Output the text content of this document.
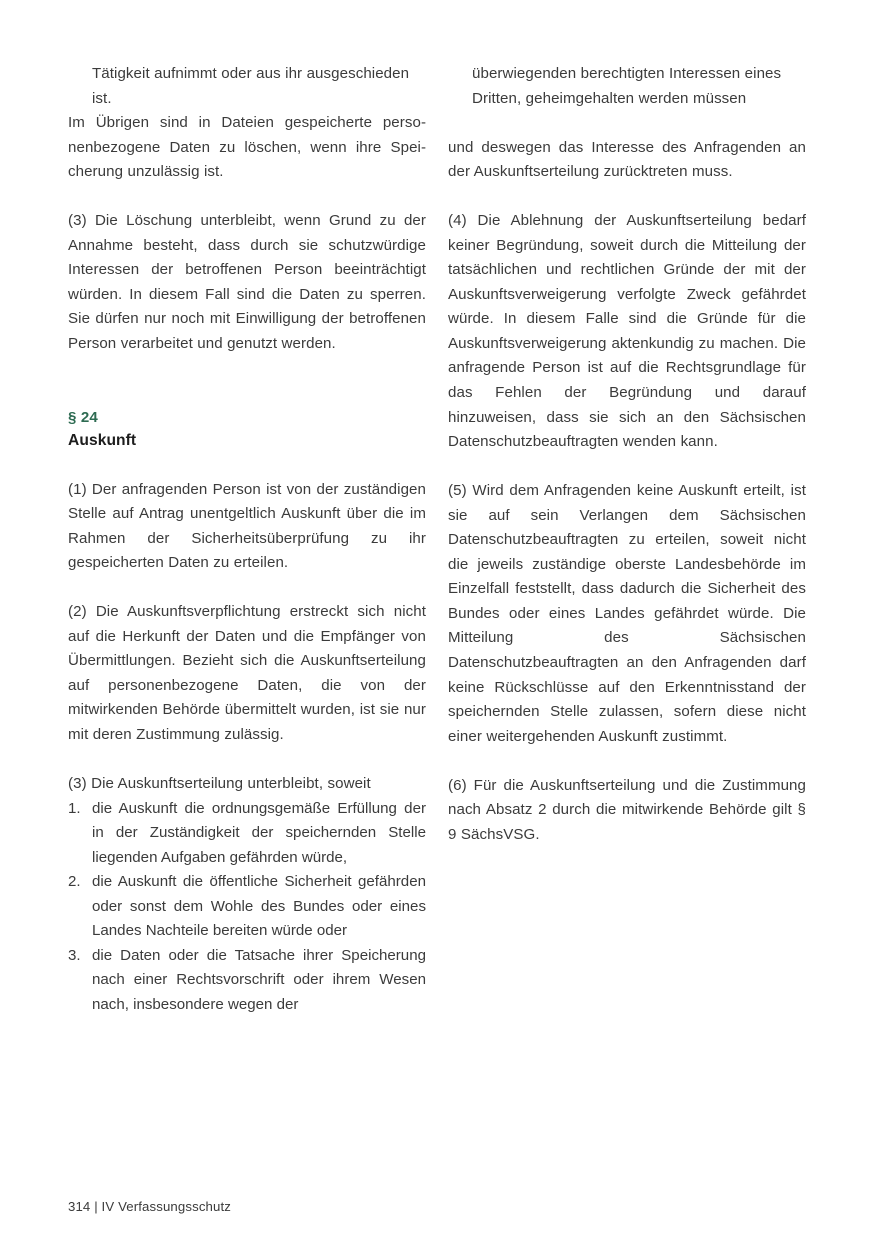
Tätigkeit aufnimmt oder aus ihr ausgeschieden ist.

Im Übrigen sind in Dateien gespeicherte personenbezogene Daten zu löschen, wenn ihre Speicherung unzulässig ist.

(3) Die Löschung unterbleibt, wenn Grund zu der Annahme besteht, dass durch sie schutzwürdige Interessen der betroffenen Person beeinträchtigt würden. In diesem Fall sind die Daten zu sperren. Sie dürfen nur noch mit Einwilligung der betroffenen Person verarbeitet und genutzt werden.

§ 24

Auskunft

(1) Der anfragenden Person ist von der zuständigen Stelle auf Antrag unentgeltlich Auskunft über die im Rahmen der Sicherheitsüberprüfung zu ihr gespeicherten Daten zu erteilen.

(2) Die Auskunftsverpflichtung erstreckt sich nicht auf die Herkunft der Daten und die Empfänger von Übermittlungen. Bezieht sich die Auskunftserteilung auf personenbezogene Daten, die von der mitwirkenden Behörde übermittelt wurden, ist sie nur mit deren Zustimmung zulässig.

(3) Die Auskunftserteilung unterbleibt, soweit

1. die Auskunft die ordnungsgemäße Erfüllung der in der Zuständigkeit der speichernden Stelle liegenden Aufgaben gefährden würde,
2. die Auskunft die öffentliche Sicherheit gefährden oder sonst dem Wohle des Bundes oder eines Landes Nachteile bereiten würde oder
3. die Daten oder die Tatsache ihrer Speicherung nach einer Rechtsvorschrift oder ihrem Wesen nach, insbesondere wegen der

überwiegenden berechtigten Interessen eines Dritten, geheimgehalten werden müssen

und deswegen das Interesse des Anfragenden an der Auskunftserteilung zurücktreten muss.

(4) Die Ablehnung der Auskunftserteilung bedarf keiner Begründung, soweit durch die Mitteilung der tatsächlichen und rechtlichen Gründe der mit der Auskunftsverweigerung verfolgte Zweck gefährdet würde. In diesem Falle sind die Gründe für die Auskunftsverweigerung aktenkundig zu machen. Die anfragende Person ist auf die Rechtsgrundlage für das Fehlen der Begründung und darauf hinzuweisen, dass sie sich an den Sächsischen Datenschutzbeauftragten wenden kann.

(5) Wird dem Anfragenden keine Auskunft erteilt, ist sie auf sein Verlangen dem Sächsischen Datenschutzbeauftragten zu erteilen, soweit nicht die jeweils zuständige oberste Landesbehörde im Einzelfall feststellt, dass dadurch die Sicherheit des Bundes oder eines Landes gefährdet würde. Die Mitteilung des Sächsischen Datenschutzbeauftragten an den Anfragenden darf keine Rückschlüsse auf den Erkenntnisstand der speichernden Stelle zulassen, sofern diese nicht einer weitergehenden Auskunft zustimmt.

(6) Für die Auskunftserteilung und die Zustimmung nach Absatz 2 durch die mitwirkende Behörde gilt § 9 SächsVSG.

314 | IV Verfassungsschutz
